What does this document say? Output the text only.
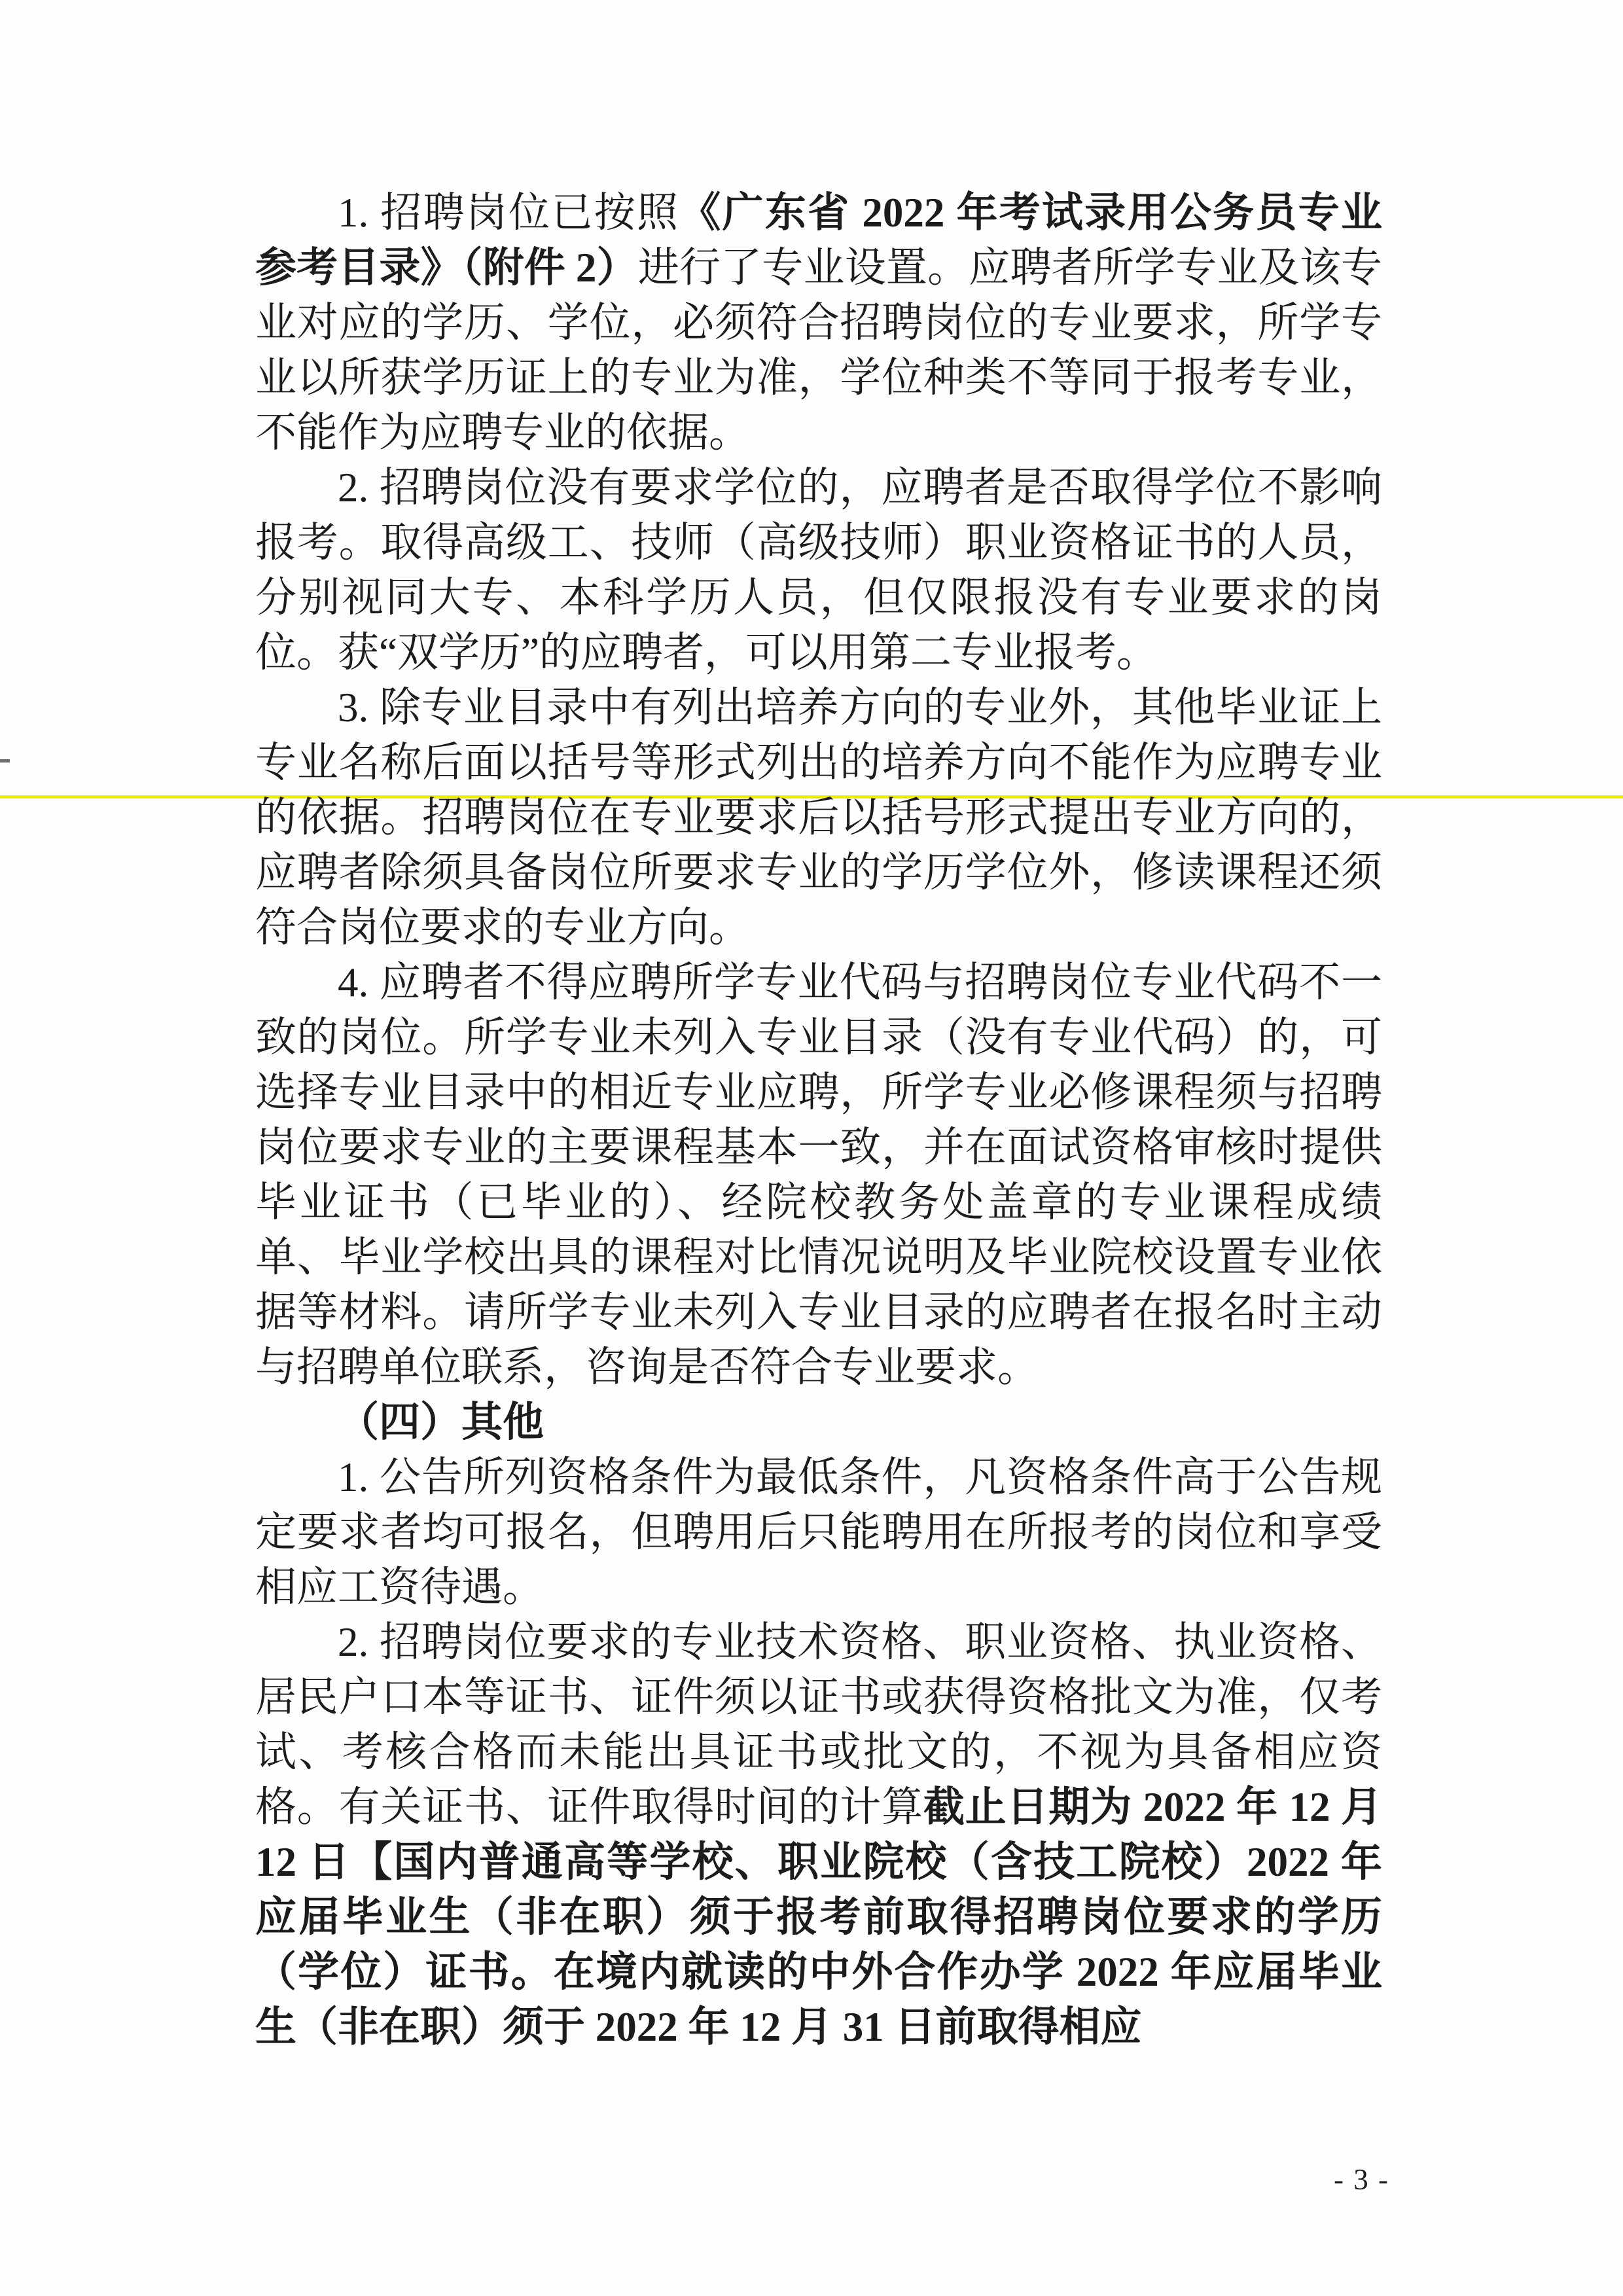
1. 招聘岗位已按照《广东省 2022 年考试录用公务员专业参考目录》（附件 2）进行了专业设置。应聘者所学专业及该专业对应的学历、学位，必须符合招聘岗位的专业要求，所学专业以所获学历证上的专业为准，学位种类不等同于报考专业，不能作为应聘专业的依据。

2. 招聘岗位没有要求学位的，应聘者是否取得学位不影响报考。取得高级工、技师（高级技师）职业资格证书的人员，分别视同大专、本科学历人员，但仅限报没有专业要求的岗位。获“双学历”的应聘者，可以用第二专业报考。

3. 除专业目录中有列出培养方向的专业外，其他毕业证上专业名称后面以括号等形式列出的培养方向不能作为应聘专业的依据。招聘岗位在专业要求后以括号形式提出专业方向的，应聘者除须具备岗位所要求专业的学历学位外，修读课程还须符合岗位要求的专业方向。

4. 应聘者不得应聘所学专业代码与招聘岗位专业代码不一致的岗位。所学专业未列入专业目录（没有专业代码）的，可选择专业目录中的相近专业应聘，所学专业必修课程须与招聘岗位要求专业的主要课程基本一致，并在面试资格审核时提供毕业证书（已毕业的）、经院校教务处盖章的专业课程成绩单、毕业学校出具的课程对比情况说明及毕业院校设置专业依据等材料。请所学专业未列入专业目录的应聘者在报名时主动与招聘单位联系，咨询是否符合专业要求。

（四）其他

1. 公告所列资格条件为最低条件，凡资格条件高于公告规定要求者均可报名，但聘用后只能聘用在所报考的岗位和享受相应工资待遇。

2. 招聘岗位要求的专业技术资格、职业资格、执业资格、居民户口本等证书、证件须以证书或获得资格批文为准，仅考试、考核合格而未能出具证书或批文的，不视为具备相应资格。有关证书、证件取得时间的计算截止日期为 2022 年 12 月 12 日【国内普通高等学校、职业院校（含技工院校）2022 年应届毕业生（非在职）须于报考前取得招聘岗位要求的学历（学位）证书。在境内就读的中外合作办学 2022 年应届毕业生（非在职）须于 2022 年 12 月 31 日前取得相应

- 3 -
